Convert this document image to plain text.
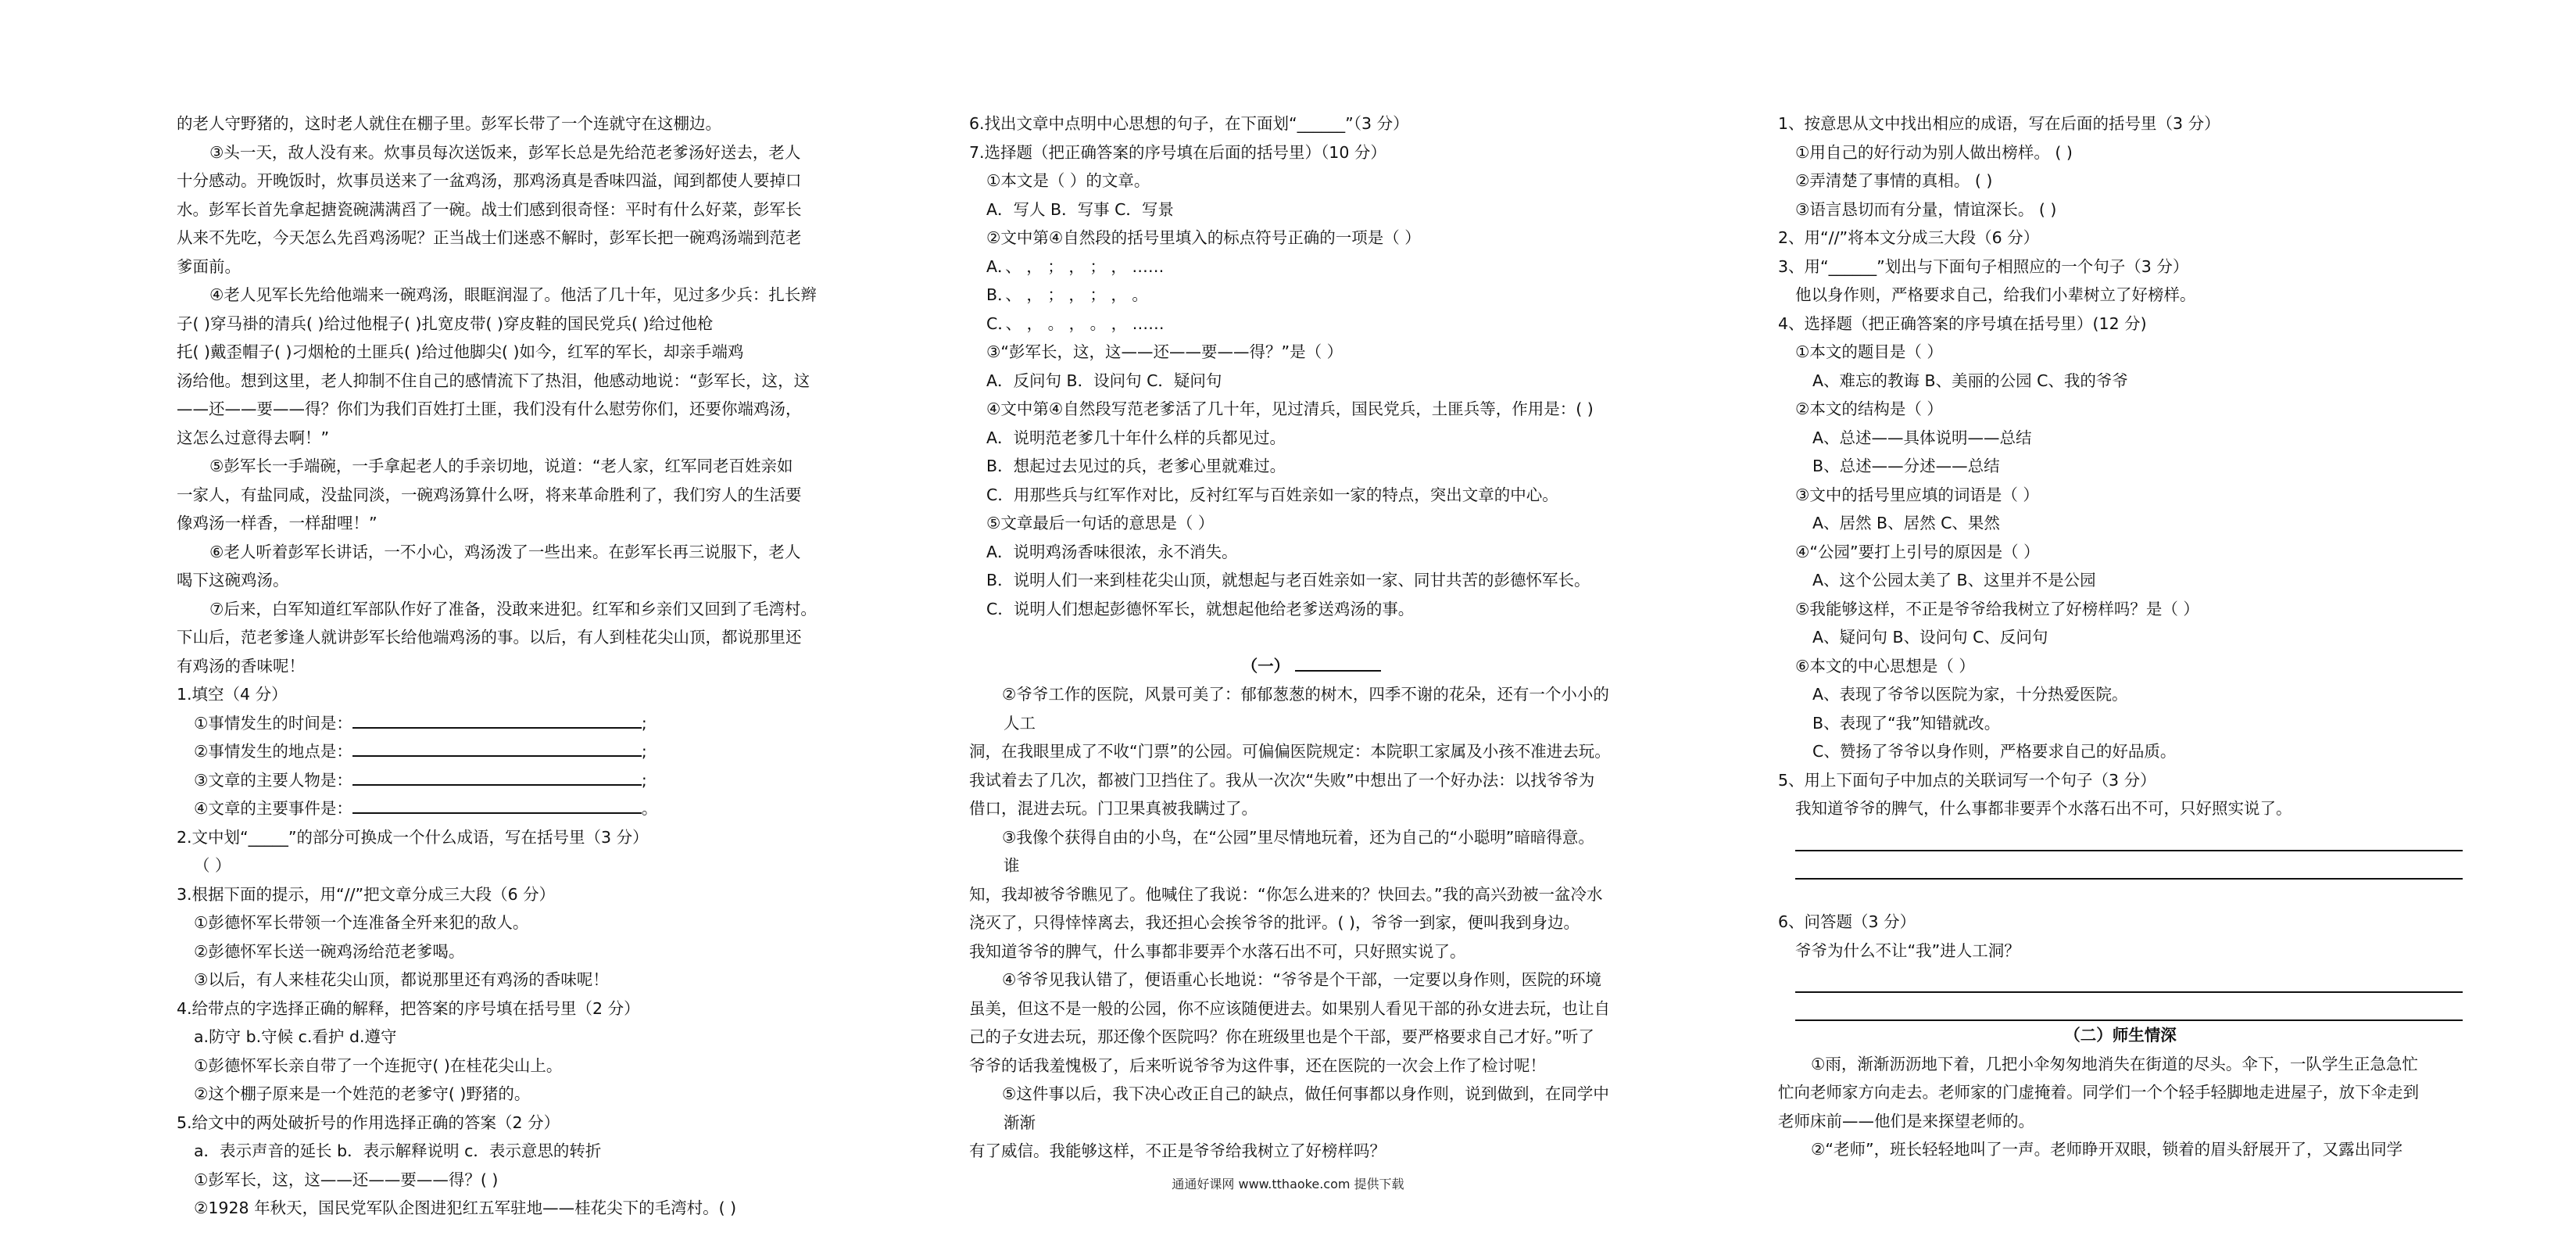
的老人守野猪的，这时老人就住在棚子里。彭军长带了一个连就守在这棚边。
③头一天，敌人没有来。炊事员每次送饭来，彭军长总是先给范老爹汤好送去，老人
十分感动。开晚饭时，炊事员送来了一盆鸡汤，那鸡汤真是香味四溢，闻到都使人要掉口
水。彭军长首先拿起搪瓷碗满满舀了一碗。战士们感到很奇怪：平时有什么好菜，彭军长
从来不先吃，今天怎么先舀鸡汤呢？正当战士们迷惑不解时，彭军长把一碗鸡汤端到范老
爹面前。
④老人见军长先给他端来一碗鸡汤，眼眶润湿了。他活了几十年，见过多少兵：扎长辫
子( )穿马褂的清兵( )给过他棍子( )扎宽皮带( )穿皮鞋的国民党兵( )给过他枪
托( )戴歪帽子( )刁烟枪的土匪兵( )给过他脚尖( )如今，红军的军长，却亲手端鸡
汤给他。想到这里，老人抑制不住自己的感情流下了热泪，他感动地说：“彭军长，这，这
——还——要——得？你们为我们百姓打土匪，我们没有什么慰劳你们，还要你端鸡汤，
这怎么过意得去啊！”
⑤彭军长一手端碗，一手拿起老人的手亲切地，说道：“老人家，红军同老百姓亲如
一家人，有盐同咸，没盐同淡，一碗鸡汤算什么呀，将来革命胜利了，我们穷人的生活要
像鸡汤一样香，一样甜哩！”
⑥老人听着彭军长讲话，一不小心，鸡汤泼了一些出来。在彭军长再三说服下，老人
喝下这碗鸡汤。
⑦后来，白军知道红军部队作好了准备，没敢来进犯。红军和乡亲们又回到了毛湾村。
下山后，范老爹逢人就讲彭军长给他端鸡汤的事。以后，有人到桂花尖山顶，都说那里还
有鸡汤的香味呢！
1.填空（4 分）
①事情发生的时间是：	;
②事情发生的地点是：	;
③文章的主要人物是：	;
④文章的主要事件是：	。
2.文中划“_____”的部分可换成一个什么成语，写在括号里（3 分）
（ ）
3.根据下面的提示，用“//”把文章分成三大段（6 分）
①彭德怀军长带领一个连准备全歼来犯的敌人。
②彭德怀军长送一碗鸡汤给范老爹喝。
③以后，有人来桂花尖山顶，都说那里还有鸡汤的香味呢！
4.给带点的字选择正确的解释，把答案的序号填在括号里（2 分）
a.防守 b.守候 c.看护 d.遵守
①彭德怀军长亲自带了一个连扼守( )在桂花尖山上。
②这个棚子原来是一个姓范的老爹守( )野猪的。
5.给文中的两处破折号的作用选择正确的答案（2 分）
a．表示声音的延长 b．表示解释说明 c．表示意思的转折
①彭军长，这，这——还——要——得？( )
②1928 年秋天，国民党军队企图进犯红五军驻地——桂花尖下的毛湾村。( )
6.找出文章中点明中心思想的句子，在下面划“______”（3 分）
7.选择题（把正确答案的序号填在后面的括号里）（10 分）
①本文是（ ）的文章。
A．写人 B．写事 C．写景
②文中第④自然段的括号里填入的标点符号正确的一项是（ ）
A．、 ， ； ， ； ， ……
B．、 ， ； ， ； ， 。
C．、 ， 。 ， 。 ， ……
③“彭军长，这，这——还——要——得？”是（ ）
A．反问句 B．设问句 C．疑问句
④文中第④自然段写范老爹活了几十年，见过清兵，国民党兵，土匪兵等，作用是：( )
A．说明范老爹几十年什么样的兵都见过。
B．想起过去见过的兵，老爹心里就难过。
C．用那些兵与红军作对比，反衬红军与百姓亲如一家的特点，突出文章的中心。
⑤文章最后一句话的意思是（ ）
A．说明鸡汤香味很浓，永不消失。
B．说明人们一来到桂花尖山顶，就想起与老百姓亲如一家、同甘共苦的彭德怀军长。
C．说明人们想起彭德怀军长，就想起他给老爹送鸡汤的事。
（一）
②爷爷工作的医院，风景可美了：郁郁葱葱的树木，四季不谢的花朵，还有一个小小的
人工
洞，在我眼里成了不收“门票”的公园。可偏偏医院规定：本院职工家属及小孩不准进去玩。
我试着去了几次，都被门卫挡住了。我从一次次“失败”中想出了一个好办法：以找爷爷为
借口，混进去玩。门卫果真被我瞒过了。
③我像个获得自由的小鸟，在“公园”里尽情地玩着，还为自己的“小聪明”暗暗得意。
谁
知，我却被爷爷瞧见了。他喊住了我说：“你怎么进来的？快回去。”我的高兴劲被一盆冷水
浇灭了，只得悻悻离去，我还担心会挨爷爷的批评。( )，爷爷一到家，便叫我到身边。
我知道爷爷的脾气，什么事都非要弄个水落石出不可，只好照实说了。
④爷爷见我认错了，便语重心长地说：“爷爷是个干部，一定要以身作则，医院的环境
虽美，但这不是一般的公园，你不应该随便进去。如果别人看见干部的孙女进去玩，也让自
己的子女进去玩，那还像个医院吗？你在班级里也是个干部，要严格要求自己才好。”听了
爷爷的话我羞愧极了，后来听说爷爷为这件事，还在医院的一次会上作了检讨呢！
⑤这件事以后，我下决心改正自己的缺点，做任何事都以身作则，说到做到，在同学中
渐渐
有了威信。我能够这样，不正是爷爷给我树立了好榜样吗？
1、按意思从文中找出相应的成语，写在后面的括号里（3 分）
①用自己的好行动为别人做出榜样。 ( )
②弄清楚了事情的真相。 ( )
③语言恳切而有分量，情谊深长。 ( )
2、用“//”将本文分成三大段（6 分）
3、用“______”划出与下面句子相照应的一个句子（3 分）
他以身作则，严格要求自己，给我们小辈树立了好榜样。
4、选择题（把正确答案的序号填在括号里）(12 分)
①本文的题目是（ ）
A、难忘的教诲 B、美丽的公园 C、我的爷爷
②本文的结构是（ ）
A、总述——具体说明——总结
B、总述——分述——总结
③文中的括号里应填的词语是（ ）
A、居然 B、居然 C、果然
④“公园”要打上引号的原因是（ ）
A、这个公园太美了 B、这里并不是公园
⑤我能够这样，不正是爷爷给我树立了好榜样吗？是（ ）
A、疑问句 B、设问句 C、反问句
⑥本文的中心思想是（ ）
A、表现了爷爷以医院为家，十分热爱医院。
B、表现了“我”知错就改。
C、赞扬了爷爷以身作则，严格要求自己的好品质。
5、用上下面句子中加点的关联词写一个句子（3 分）
我知道爷爷的脾气，什么事都非要弄个水落石出不可，只好照实说了。
6、问答题（3 分）
爷爷为什么不让“我”进人工洞？
（二）师生情深
①雨，渐渐沥沥地下着，几把小伞匆匆地消失在街道的尽头。伞下，一队学生正急急忙
忙向老师家方向走去。老师家的门虚掩着。同学们一个个轻手轻脚地走进屋子，放下伞走到
老师床前——他们是来探望老师的。
②“老师”，班长轻轻地叫了一声。老师睁开双眼，锁着的眉头舒展开了，又露出同学
通通好课网 www.tthaoke.com 提供下载
